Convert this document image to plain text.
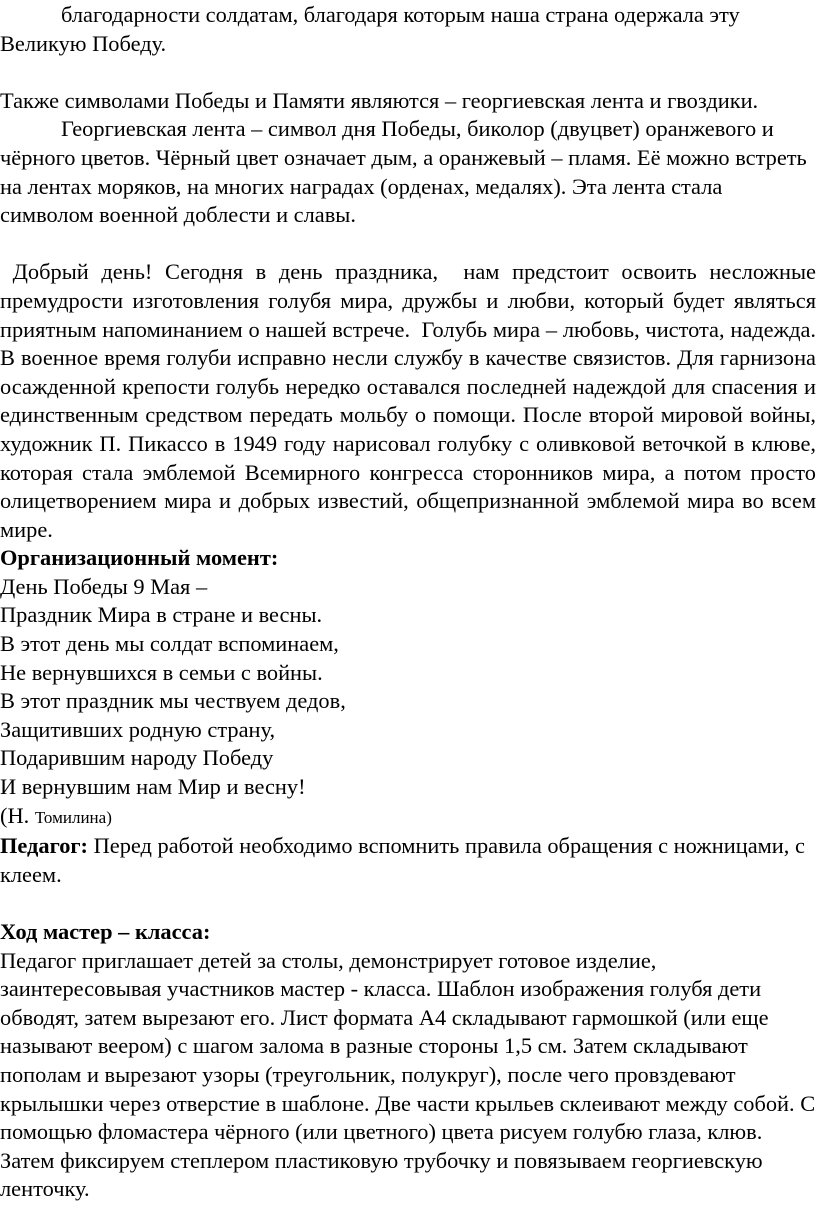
благодарности солдатам, благодаря которым наша страна одержала эту Великую Победу.

Также символами Победы и Памяти являются – георгиевская лента и гвоздики.

Георгиевская лента – символ дня Победы, биколор (двуцвет) оранжевого и чёрного цветов. Чёрный цвет означает дым, а оранжевый – пламя. Её можно встреть на лентах моряков, на многих наградах (орденах, медалях). Эта лента стала символом военной доблести и славы.

Добрый день! Сегодня в день праздника,  нам предстоит освоить несложные премудрости изготовления голубя мира, дружбы и любви, который будет являться приятным напоминанием о нашей встрече.  Голубь мира – любовь, чистота, надежда. В военное время голуби исправно несли службу в качестве связистов. Для гарнизона осажденной крепости голубь нередко оставался последней надеждой для спасения и единственным средством передать мольбу о помощи. После второй мировой войны,  художник П. Пикассо в 1949 году нарисовал голубку с оливковой веточкой в клюве, которая стала эмблемой Всемирного конгресса сторонников мира, а потом просто олицетворением мира и добрых известий, общепризнанной эмблемой мира во всем мире.

Организационный момент:

День Победы 9 Мая –

Праздник Мира в стране и весны.

В этот день мы солдат вспоминаем,

Не вернувшихся в семьи с войны.

В этот праздник мы чествуем дедов,

Защитивших родную страну,

Подарившим народу Победу

И вернувшим нам Мир и весну!

(Н. Томилина)

Педагог: Перед работой необходимо вспомнить правила обращения с ножницами, с клеем.

Ход мастер – класса:

Педагог приглашает детей за столы, демонстрирует готовое изделие, заинтересовывая участников мастер - класса. Шаблон изображения голубя дети обводят, затем вырезают его. Лист формата А4 складывают гармошкой (или еще называют веером) с шагом залома в разные стороны 1,5 см. Затем складывают пополам и вырезают узоры (треугольник, полукруг), после чего провздевают крылышки через отверстие в шаблоне. Две части крыльев склеивают между собой. С помощью фломастера чёрного (или цветного) цвета рисуем голубю глаза, клюв. Затем фиксируем степлером пластиковую трубочку и повязываем георгиевскую ленточку.
